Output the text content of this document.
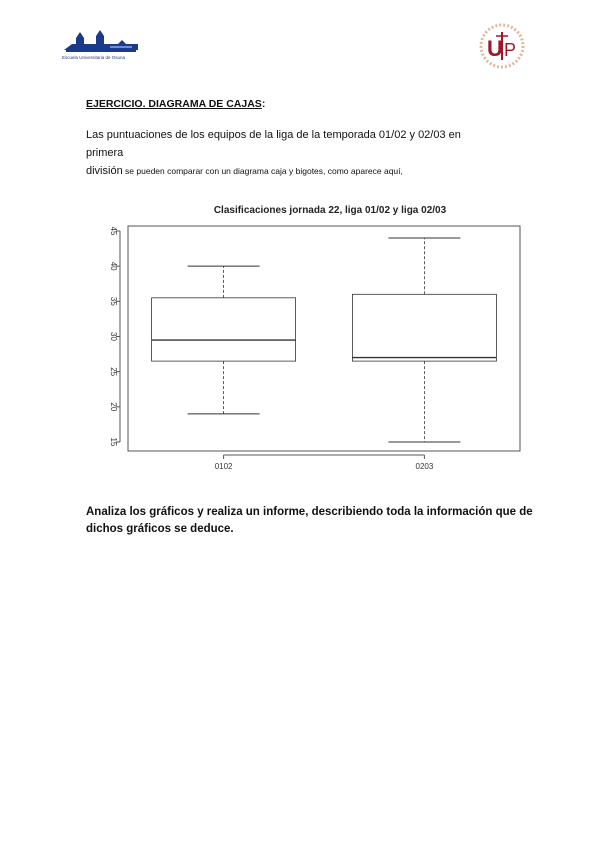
Escuela Universitaria de Osuna	U P
EJERCICIO. DIAGRAMA DE CAJAS:
Las puntuaciones de los equipos de la liga de la temporada 01/02 y 02/03 en primera
división se pueden comparar con un diagrama caja y bigotes, como aparece aquí,
Clasificaciones jornada 22, liga 01/02 y liga 02/03
15
20
25
30
35
40
45
0102	0203
Analiza los gráficos y realiza un informe, describiendo toda la información que de dichos gráficos se deduce.
